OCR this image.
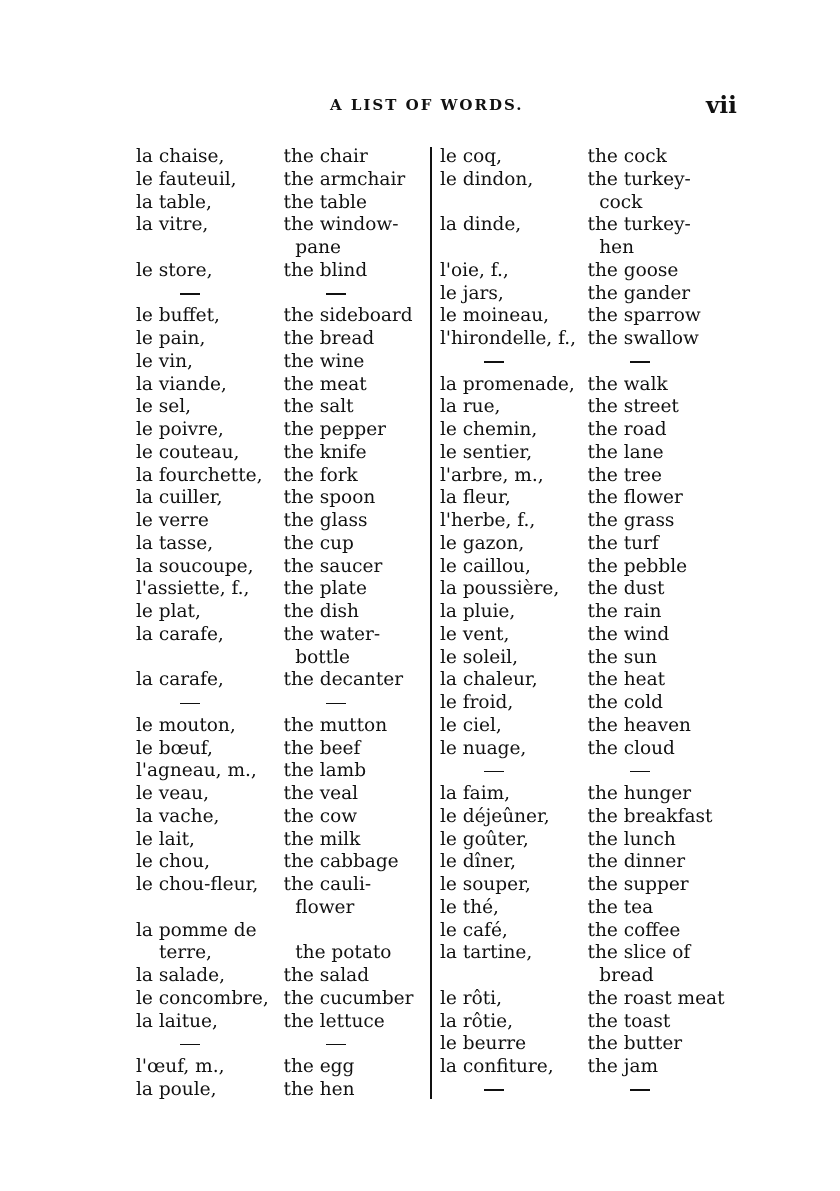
A LIST OF WORDS.	vii
la chaise,	the chair
le fauteuil,	the armchair
la table,	the table
la vitre,	the window-
pane
le store,	the blind
le buffet,	the sideboard
le pain,	the bread
le vin,	the wine
la viande,	the meat
le sel,	the salt
le poivre,	the pepper
le couteau,	the knife
la fourchette,	the fork
la cuiller,	the spoon
le verre	the glass
la tasse,	the cup
la soucoupe,	the saucer
l'assiette, f.,	the plate
le plat,	the dish
la carafe,	the water-
bottle
la carafe,	the decanter
le mouton,	the mutton
le bœuf,	the beef
l'agneau, m.,	the lamb
le veau,	the veal
la vache,	the cow
le lait,	the milk
le chou,	the cabbage
le chou-fleur,	the cauli-
flower
la pomme de
terre,	the potato
la salade,	the salad
le concombre, the cucumber
la laitue,	the lettuce
l'œuf, m.,	the egg
la poule,	the hen
le coq,	the cock
le dindon,	the turkey-
cock
la dinde,	the turkey-
hen
l'oie, f.,	the goose
le jars,	the gander
le moineau,	the sparrow
l'hirondelle, f., the swallow
la promenade, the walk
la rue,	the street
le chemin,	the road
le sentier,	the lane
l'arbre, m.,	the tree
la fleur,	the flower
l'herbe, f.,	the grass
le gazon,	the turf
le caillou,	the pebble
la poussière,	the dust
la pluie,	the rain
le vent,	the wind
le soleil,	the sun
la chaleur,	the heat
le froid,	the cold
le ciel,	the heaven
le nuage,	the cloud
la faim,	the hunger
le déjeûner,	the breakfast
le goûter,	the lunch
le dîner,	the dinner
le souper,	the supper
le thé,	the tea
le café,	the coffee
la tartine,	the slice of
bread
le rôti,	the roast meat
la rôtie,	the toast
le beurre	the butter
la confiture,	the jam
